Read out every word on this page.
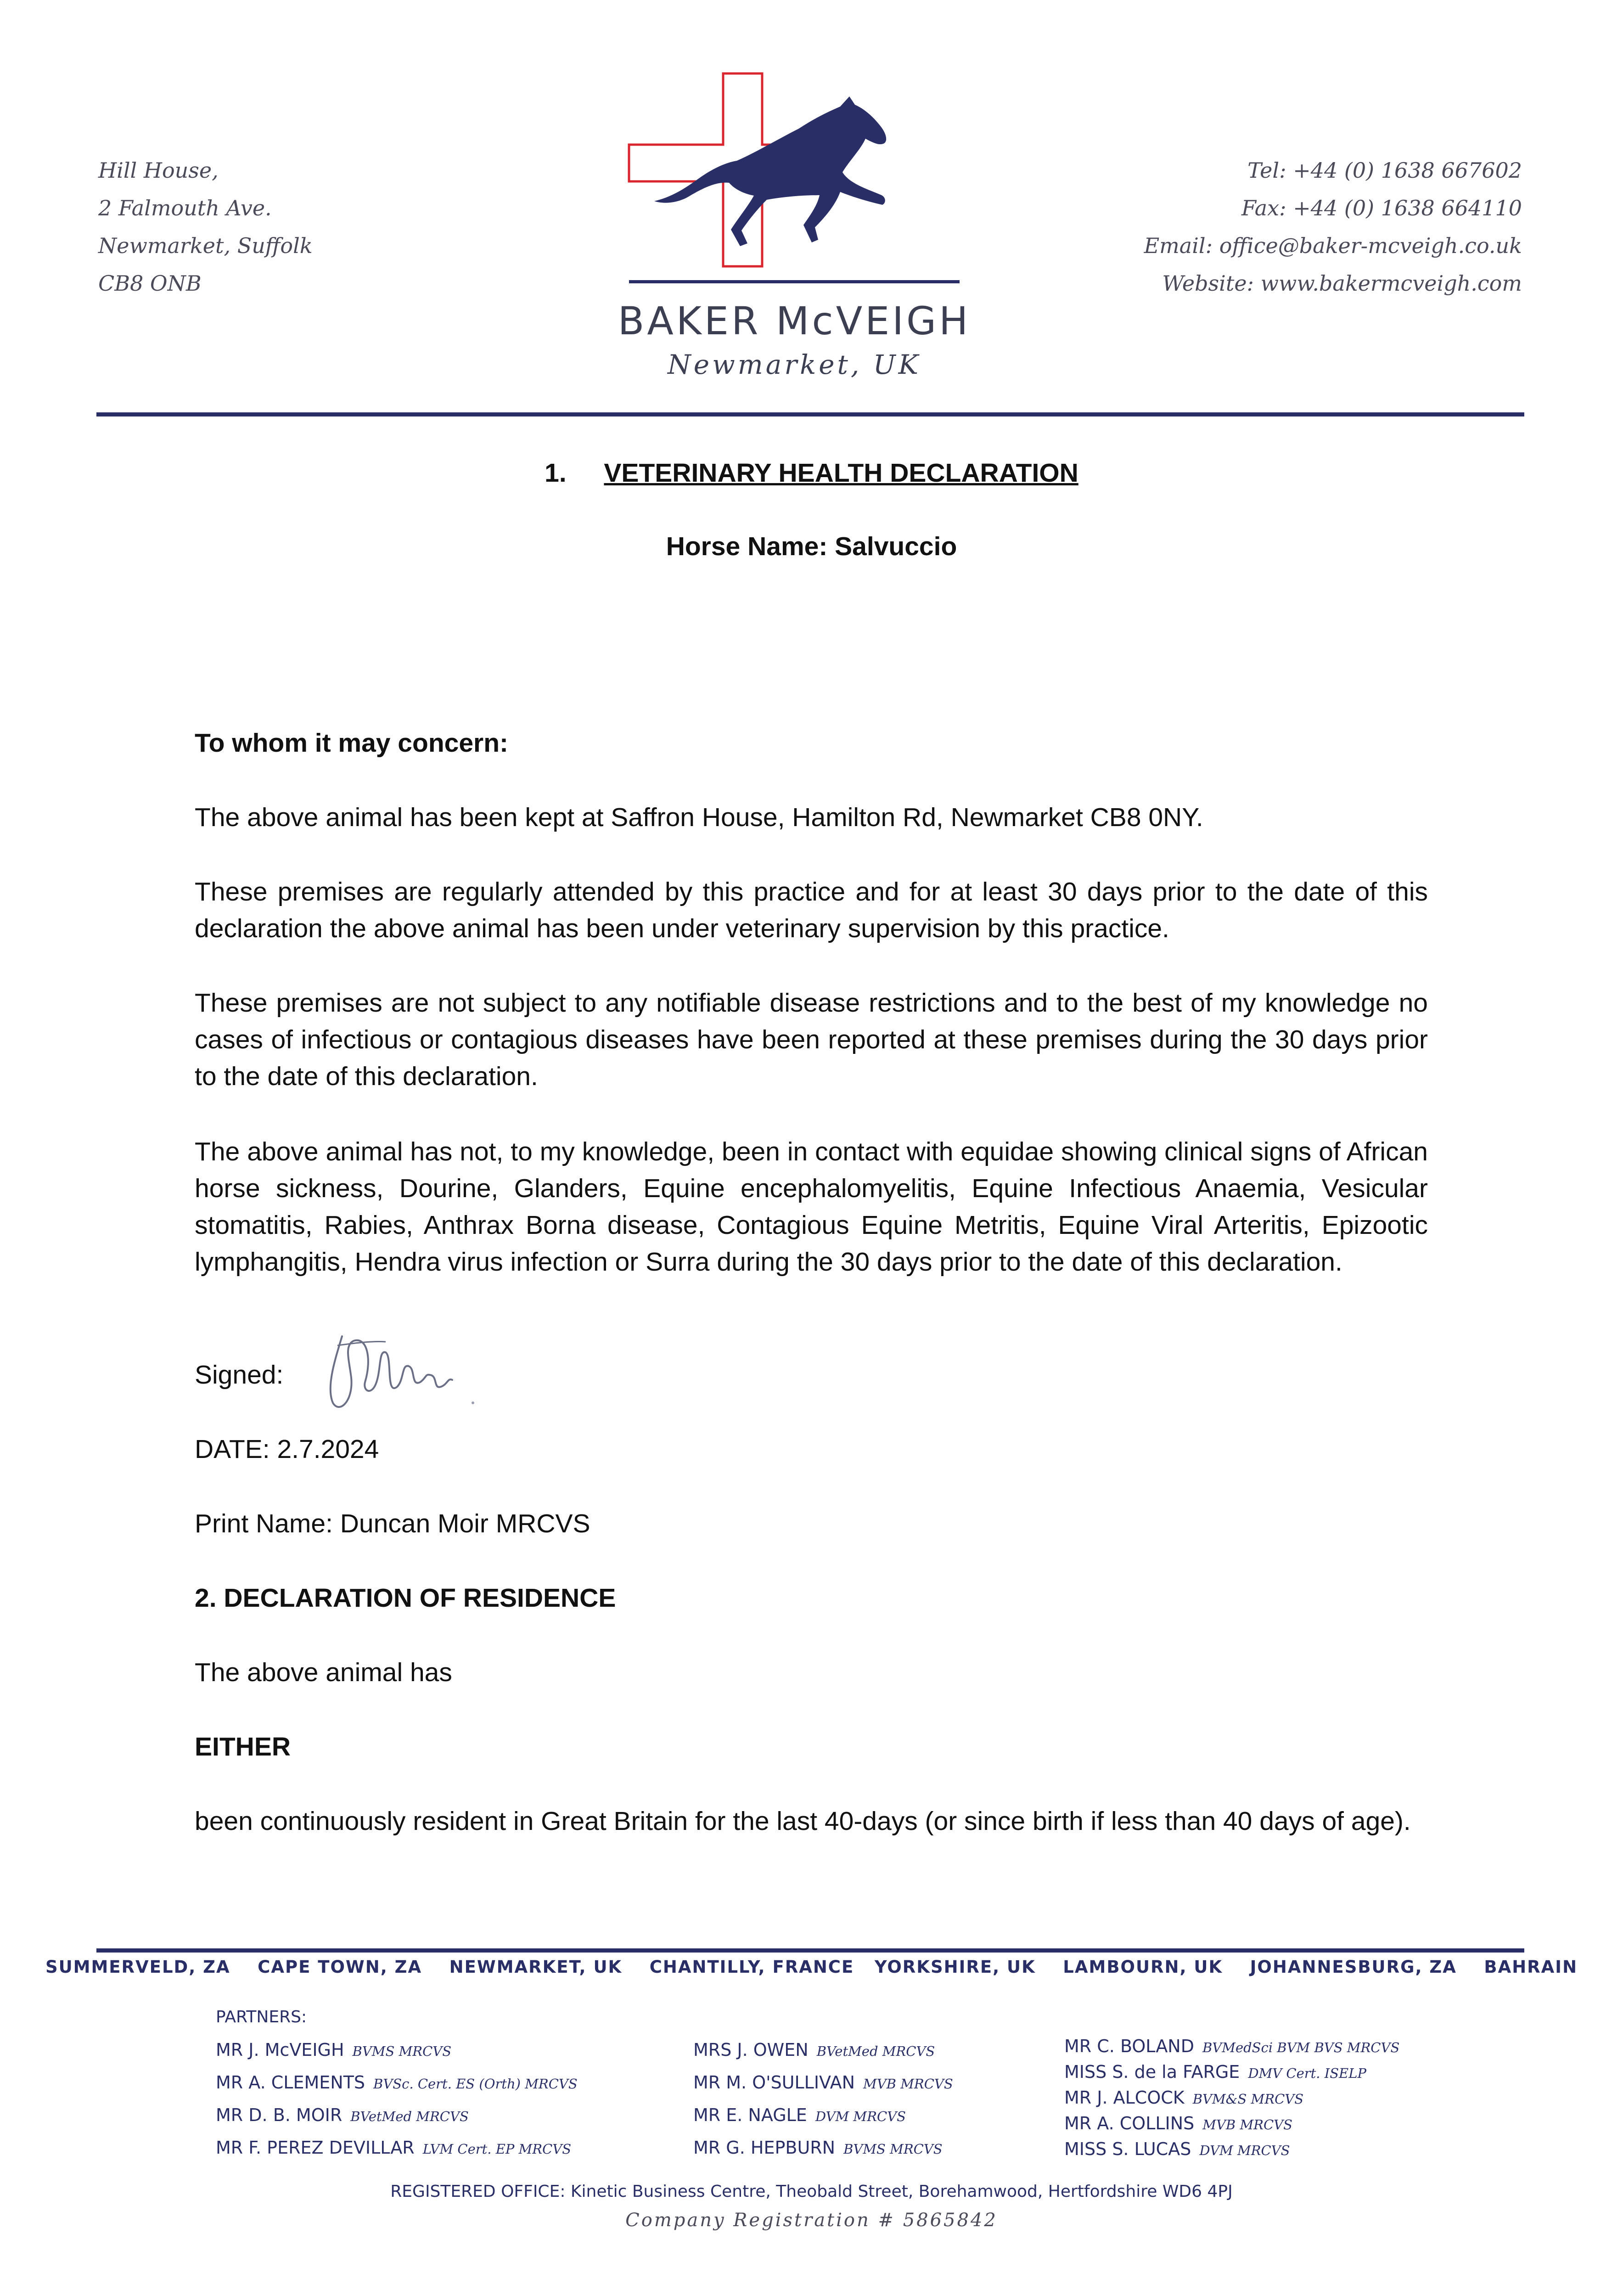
Hill House,
2 Falmouth Ave.
Newmarket, Suffolk
CB8 ONB
Tel: +44 (0) 1638 667602
Fax: +44 (0) 1638 664110
Email: office@baker-mcveigh.co.uk
Website: www.bakermcveigh.com
BAKER McVEIGH
Newmarket, UK
1. VETERINARY HEALTH DECLARATION
Horse Name: Salvuccio
To whom it may concern:
The above animal has been kept at Saffron House, Hamilton Rd, Newmarket CB8 0NY.
These premises are regularly attended by this practice and for at least 30 days prior to the date of this declaration the above animal has been under veterinary supervision by this practice.
These premises are not subject to any notifiable disease restrictions and to the best of my knowledge no cases of infectious or contagious diseases have been reported at these premises during the 30 days prior to the date of this declaration.
The above animal has not, to my knowledge, been in contact with equidae showing clinical signs of African horse sickness, Dourine, Glanders, Equine encephalomyelitis, Equine Infectious Anaemia, Vesicular stomatitis, Rabies, Anthrax Borna disease, Contagious Equine Metritis, Equine Viral Arteritis, Epizootic lymphangitis, Hendra virus infection or Surra during the 30 days prior to the date of this declaration.
Signed:
DATE: 2.7.2024
Print Name: Duncan Moir MRCVS
2. DECLARATION OF RESIDENCE
The above animal has
EITHER
been continuously resident in Great Britain for the last 40-days (or since birth if less than 40 days of age).
SUMMERVELD, ZA    CAPE TOWN, ZA    NEWMARKET, UK    CHANTILLY, FRANCE   YORKSHIRE, UK    LAMBOURN, UK    JOHANNESBURG, ZA    BAHRAIN
PARTNERS:
MR J. McVEIGH BVMS MRCVS
MR A. CLEMENTS BVSc. Cert. ES (Orth) MRCVS
MR D. B. MOIR BVetMed MRCVS
MR F. PEREZ DEVILLAR LVM Cert. EP MRCVS
MRS J. OWEN BVetMed MRCVS
MR M. O'SULLIVAN MVB MRCVS
MR E. NAGLE DVM MRCVS
MR G. HEPBURN BVMS MRCVS
MR C. BOLAND BVMedSci BVM BVS MRCVS
MISS S. de la FARGE DMV Cert. ISELP
MR J. ALCOCK BVM&S MRCVS
MR A. COLLINS MVB MRCVS
MISS S. LUCAS DVM MRCVS
REGISTERED OFFICE: Kinetic Business Centre, Theobald Street, Borehamwood, Hertfordshire WD6 4PJ
Company Registration # 5865842
